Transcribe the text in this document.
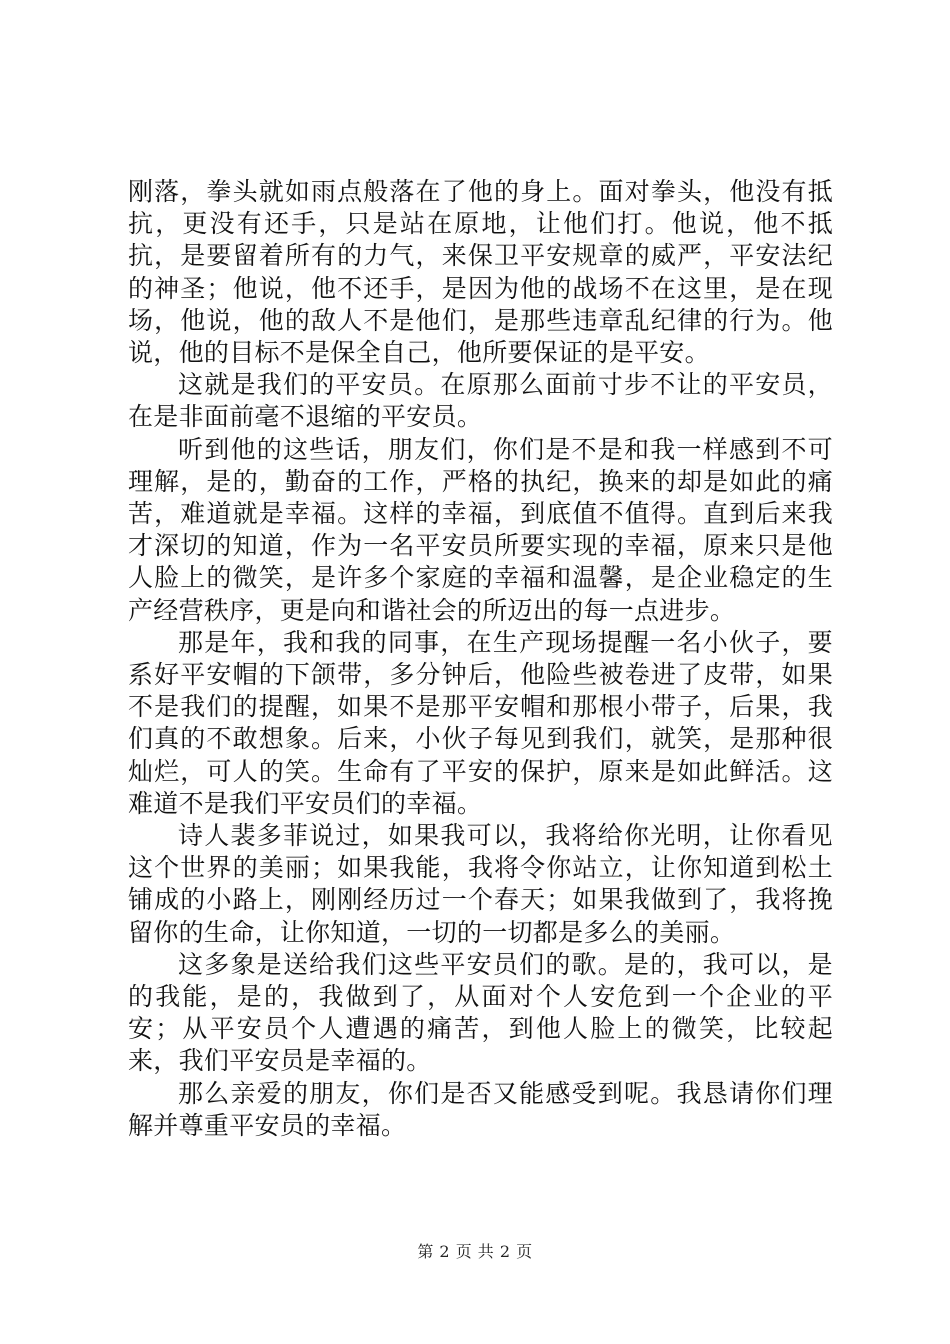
刚落，拳头就如雨点般落在了他的身上。面对拳头，他没有抵抗，更没有还手，只是站在原地，让他们打。他说，他不抵抗，是要留着所有的力气，来保卫平安规章的威严，平安法纪的神圣；他说，他不还手，是因为他的战场不在这里，是在现场，他说，他的敌人不是他们，是那些违章乱纪律的行为。他说，他的目标不是保全自己，他所要保证的是平安。

这就是我们的平安员。在原那么面前寸步不让的平安员，在是非面前毫不退缩的平安员。

听到他的这些话，朋友们，你们是不是和我一样感到不可理解，是的，勤奋的工作，严格的执纪，换来的却是如此的痛苦，难道就是幸福。这样的幸福，到底值不值得。直到后来我才深切的知道，作为一名平安员所要实现的幸福，原来只是他人脸上的微笑，是许多个家庭的幸福和温馨，是企业稳定的生产经营秩序，更是向和谐社会的所迈出的每一点进步。

那是年，我和我的同事，在生产现场提醒一名小伙子，要系好平安帽的下颌带，多分钟后，他险些被卷进了皮带，如果不是我们的提醒，如果不是那平安帽和那根小带子，后果，我们真的不敢想象。后来，小伙子每见到我们，就笑，是那种很灿烂，可人的笑。生命有了平安的保护，原来是如此鲜活。这难道不是我们平安员们的幸福。

诗人裴多菲说过，如果我可以，我将给你光明，让你看见这个世界的美丽；如果我能，我将令你站立，让你知道到松土铺成的小路上，刚刚经历过一个春天；如果我做到了，我将挽留你的生命，让你知道，一切的一切都是多么的美丽。

这多象是送给我们这些平安员们的歌。是的，我可以，是的我能，是的，我做到了，从面对个人安危到一个企业的平安；从平安员个人遭遇的痛苦，到他人脸上的微笑，比较起来，我们平安员是幸福的。

那么亲爱的朋友，你们是否又能感受到呢。我恳请你们理解并尊重平安员的幸福。

第 2 页 共 2 页
